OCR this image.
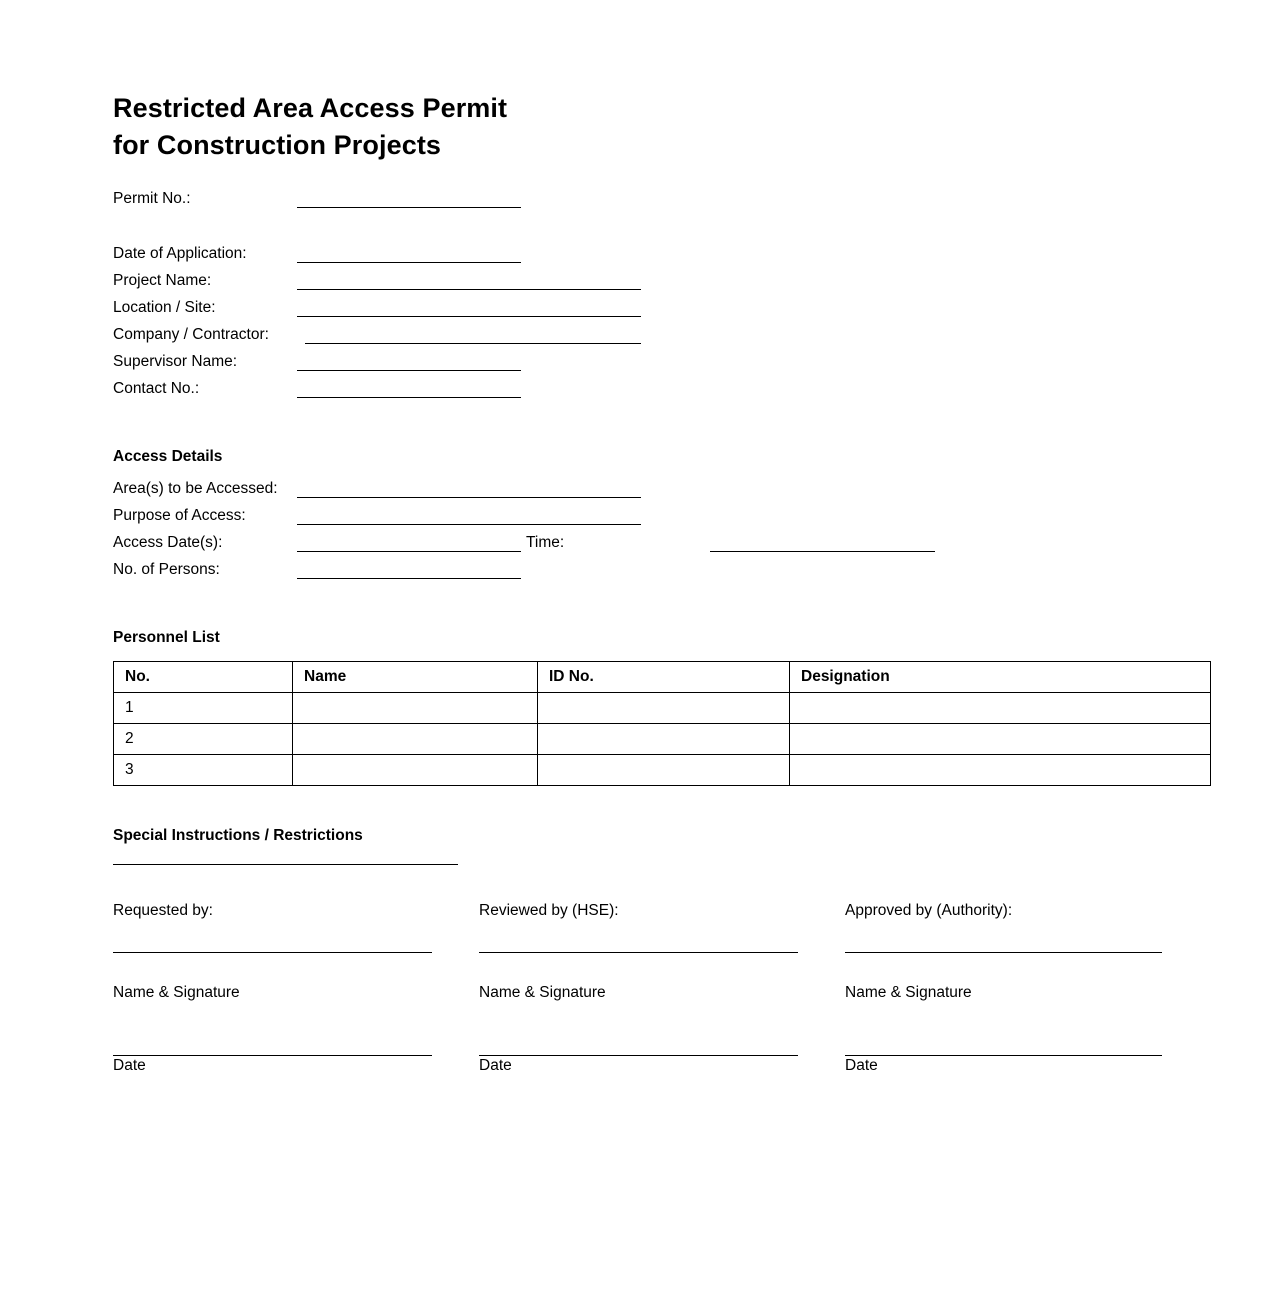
Restricted Area Access Permit
for Construction Projects
Permit No.:
Date of Application:
Project Name:
Location / Site:
Company / Contractor:
Supervisor Name:
Contact No.:
Access Details
Area(s) to be Accessed:
Purpose of Access:
Access Date(s):	Time:
No. of Persons:
Personnel List
No.	Name	ID No.	Designation
1			
2			
3			
Special Instructions / Restrictions
Requested by:
Name & Signature
Date
Reviewed by (HSE):
Name & Signature
Date
Approved by (Authority):
Name & Signature
Date
